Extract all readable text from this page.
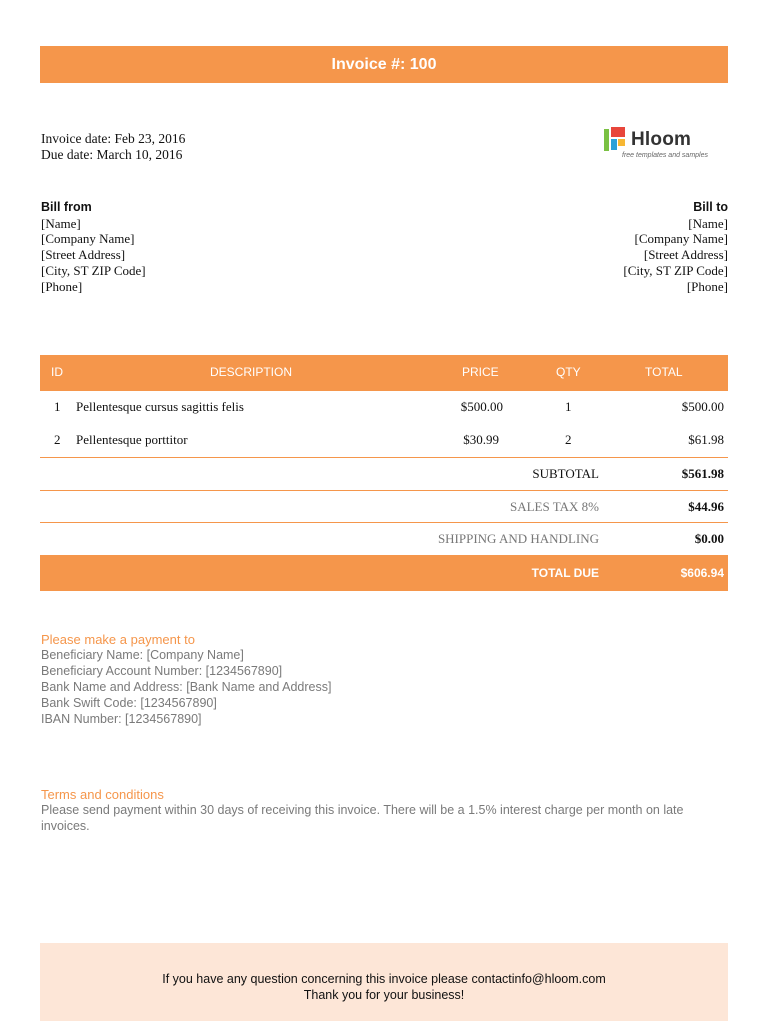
Invoice #: 100
Invoice date: Feb 23, 2016
Due date: March 10, 2016
Hloom
free templates and samples
Bill from
[Name]
[Company Name]
[Street Address]
[City, ST ZIP Code]
[Phone]
Bill to
[Name]
[Company Name]
[Street Address]
[City, ST ZIP Code]
[Phone]
ID	DESCRIPTION	PRICE	QTY	TOTAL
1 Pellentesque cursus sagittis felis	$500.00	1	$500.00
2 Pellentesque porttitor	$30.99	2	$61.98
SUBTOTAL	$561.98
SALES TAX 8%	$44.96
SHIPPING AND HANDLING	$0.00
TOTAL DUE	$606.94
Please make a payment to
Beneficiary Name: [Company Name]
Beneficiary Account Number: [1234567890]
Bank Name and Address: [Bank Name and Address]
Bank Swift Code: [1234567890]
IBAN Number: [1234567890]
Terms and conditions
Please send payment within 30 days of receiving this invoice. There will be a 1.5% interest charge per month on late invoices.
If you have any question concerning this invoice please contactinfo@hloom.com
Thank you for your business!
